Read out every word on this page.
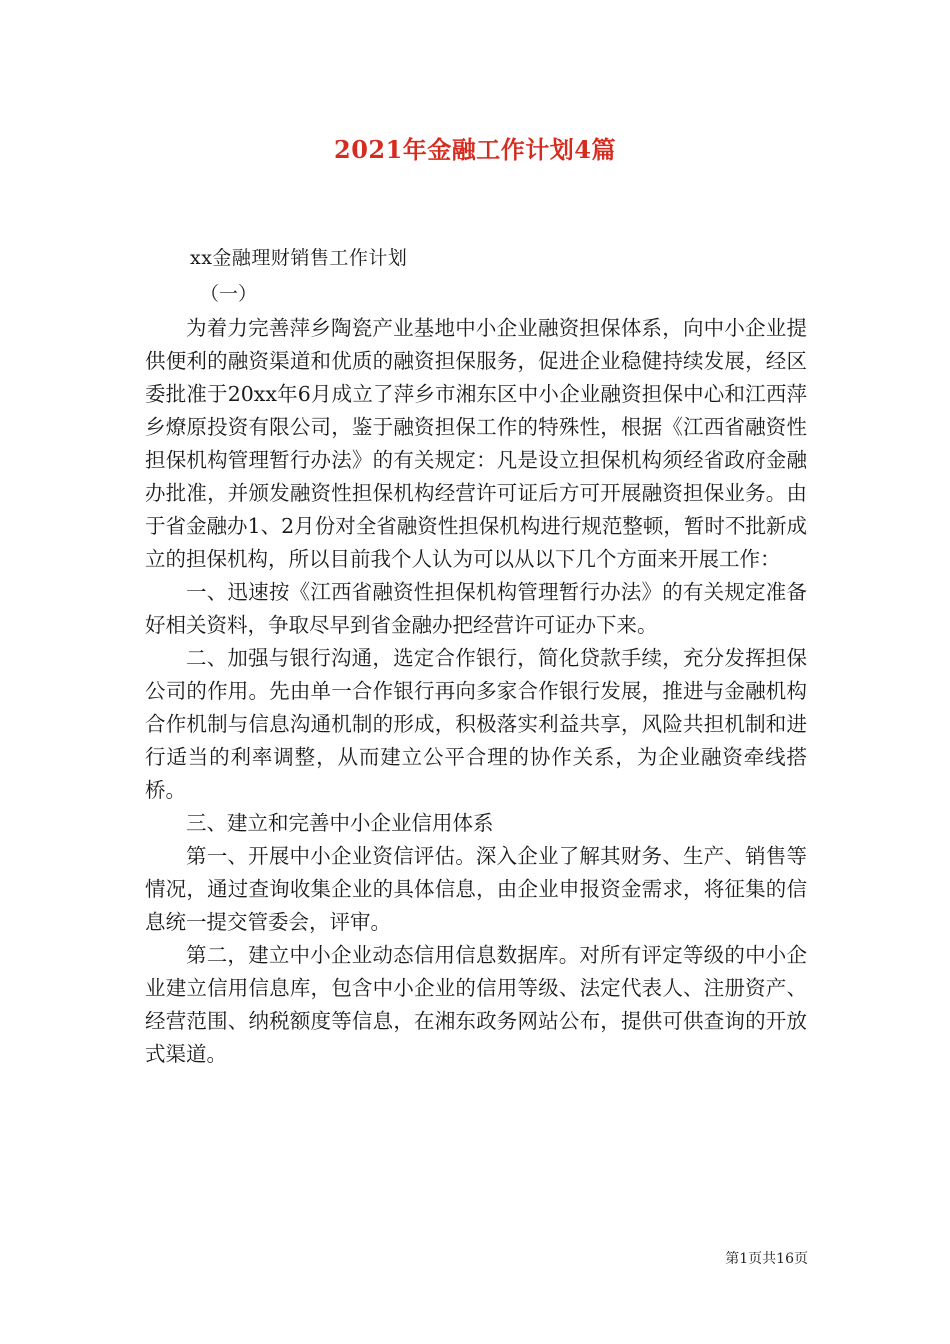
2021年金融工作计划4篇
xx金融理财销售工作计划
（一）

为着力完善萍乡陶瓷产业基地中小企业融资担保体系，向中小企业提供便利的融资渠道和优质的融资担保服务，促进企业稳健持续发展，经区委批准于20xx年6月成立了萍乡市湘东区中小企业融资担保中心和江西萍乡燎原投资有限公司，鉴于融资担保工作的特殊性，根据《江西省融资性担保机构管理暂行办法》的有关规定：凡是设立担保机构须经省政府金融办批准，并颁发融资性担保机构经营许可证后方可开展融资担保业务。由于省金融办1、2月份对全省融资性担保机构进行规范整顿，暂时不批新成立的担保机构，所以目前我个人认为可以从以下几个方面来开展工作：

一、迅速按《江西省融资性担保机构管理暂行办法》的有关规定准备好相关资料，争取尽早到省金融办把经营许可证办下来。

二、加强与银行沟通，选定合作银行，简化贷款手续，充分发挥担保公司的作用。先由单一合作银行再向多家合作银行发展，推进与金融机构合作机制与信息沟通机制的形成，积极落实利益共享，风险共担机制和进行适当的利率调整，从而建立公平合理的协作关系，为企业融资牵线搭桥。

三、建立和完善中小企业信用体系

第一、开展中小企业资信评估。深入企业了解其财务、生产、销售等情况，通过查询收集企业的具体信息，由企业申报资金需求，将征集的信息统一提交管委会，评审。

第二，建立中小企业动态信用信息数据库。对所有评定等级的中小企业建立信用信息库，包含中小企业的信用等级、法定代表人、注册资产、经营范围、纳税额度等信息，在湘东政务网站公布，提供可供查询的开放式渠道。

第1页共16页
